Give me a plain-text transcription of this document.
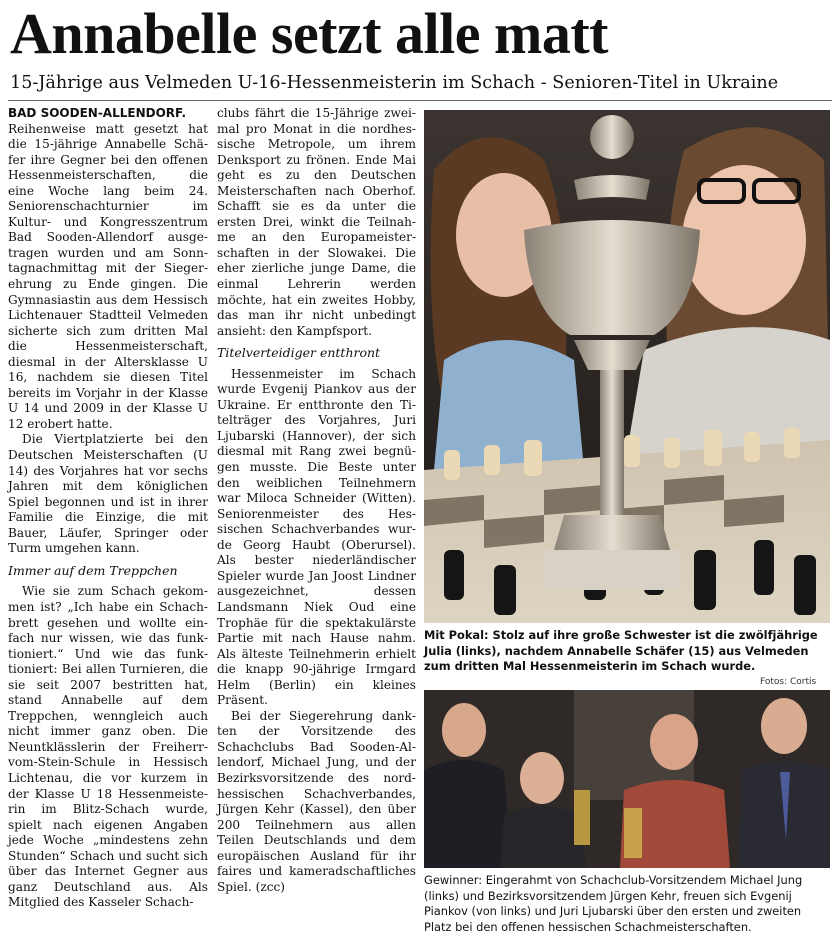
Annabelle setzt alle matt
15-Jährige aus Velmeden U-16-Hessenmeisterin im Schach - Senioren-Titel in Ukraine

BAD SOODEN-ALLENDORF.

Reihenweise matt gesetzt hat die 15-jährige Annabelle Schäfer ihre Gegner bei den offenen Hessenmeisterschaften, die eine Woche lang beim 24. Seniorenschachturnier im Kultur- und Kongresszentrum Bad Sooden-Allendorf ausgetragen wurden und am Sonntagnachmittag mit der Siegerehrung zu Ende gingen. Die Gymnasiastin aus dem Hessisch Lichtenauer Stadtteil Velmeden sicherte sich zum dritten Mal die Hessenmeisterschaft, diesmal in der Altersklasse U 16, nachdem sie diesen Titel bereits im Vorjahr in der Klasse U 14 und 2009 in der Klasse U 12 erobert hatte.

Die Viertplatzierte bei den Deutschen Meisterschaften (U 14) des Vorjahres hat vor sechs Jahren mit dem königlichen Spiel begonnen und ist in ihrer Familie die Einzige, die mit Bauer, Läufer, Springer oder Turm umgehen kann.

Immer auf dem Treppchen

Wie sie zum Schach gekommen ist? „Ich habe ein Schachbrett gesehen und wollte einfach nur wissen, wie das funktioniert.“ Und wie das funktioniert: Bei allen Turnieren, die sie seit 2007 bestritten hat, stand Annabelle auf dem Treppchen, wenngleich auch nicht immer ganz oben. Die Neuntklässlerin der Freiherr-vom-Stein-Schule in Hessisch Lichtenau, die vor kurzem in der Klasse U 18 Hessenmeisterin im Blitz-Schach wurde, spielt nach eigenen Angaben jede Woche „mindestens zehn Stunden“ Schach und sucht sich über das Internet Gegner aus ganz Deutschland aus. Als Mitglied des Kasseler Schach-

clubs fährt die 15-Jährige zweimal pro Monat in die nordhessische Metropole, um ihrem Denksport zu frönen. Ende Mai geht es zu den Deutschen Meisterschaften nach Oberhof. Schafft sie es da unter die ersten Drei, winkt die Teilnahme an den Europameisterschaften in der Slowakei. Die eher zierliche junge Dame, die einmal Lehrerin werden möchte, hat ein zweites Hobby, das man ihr nicht unbedingt ansieht: den Kampfsport.

Titelverteidiger entthront

Hessenmeister im Schach wurde Evgenij Piankov aus der Ukraine. Er entthronte den Titelträger des Vorjahres, Juri Ljubarski (Hannover), der sich diesmal mit Rang zwei begnügen musste. Die Beste unter den weiblichen Teilnehmern war Miloca Schneider (Witten). Seniorenmeister des Hessischen Schachverbandes wurde Georg Haubt (Oberursel). Als bester niederländischer Spieler wurde Jan Joost Lindner ausgezeichnet, dessen Landsmann Niek Oud eine Trophäe für die spektakulärste Partie mit nach Hause nahm. Als älteste Teilnehmerin erhielt die knapp 90-jährige Irmgard Helm (Berlin) ein kleines Präsent.

Bei der Siegerehrung dankten der Vorsitzende des Schachclubs Bad Sooden-Allendorf, Michael Jung, und der Bezirksvorsitzende des nordhessischen Schachverbandes, Jürgen Kehr (Kassel), den über 200 Teilnehmern aus allen Teilen Deutschlands und dem europäischen Ausland für ihr faires und kameradschaftliches Spiel. (zcc)

Mit Pokal: Stolz auf ihre große Schwester ist die zwölfjährige Julia (links), nachdem Annabelle Schäfer (15) aus Velmeden zum dritten Mal Hessenmeisterin im Schach wurde.
Fotos: Cortis
Gewinner: Eingerahmt von Schachclub-Vorsitzendem Michael Jung (links) und Bezirksvorsitzendem Jürgen Kehr, freuen sich Evgenij Piankov (von links) und Juri Ljubarski über den ersten und zweiten Platz bei den offenen hessischen Schachmeisterschaften.
